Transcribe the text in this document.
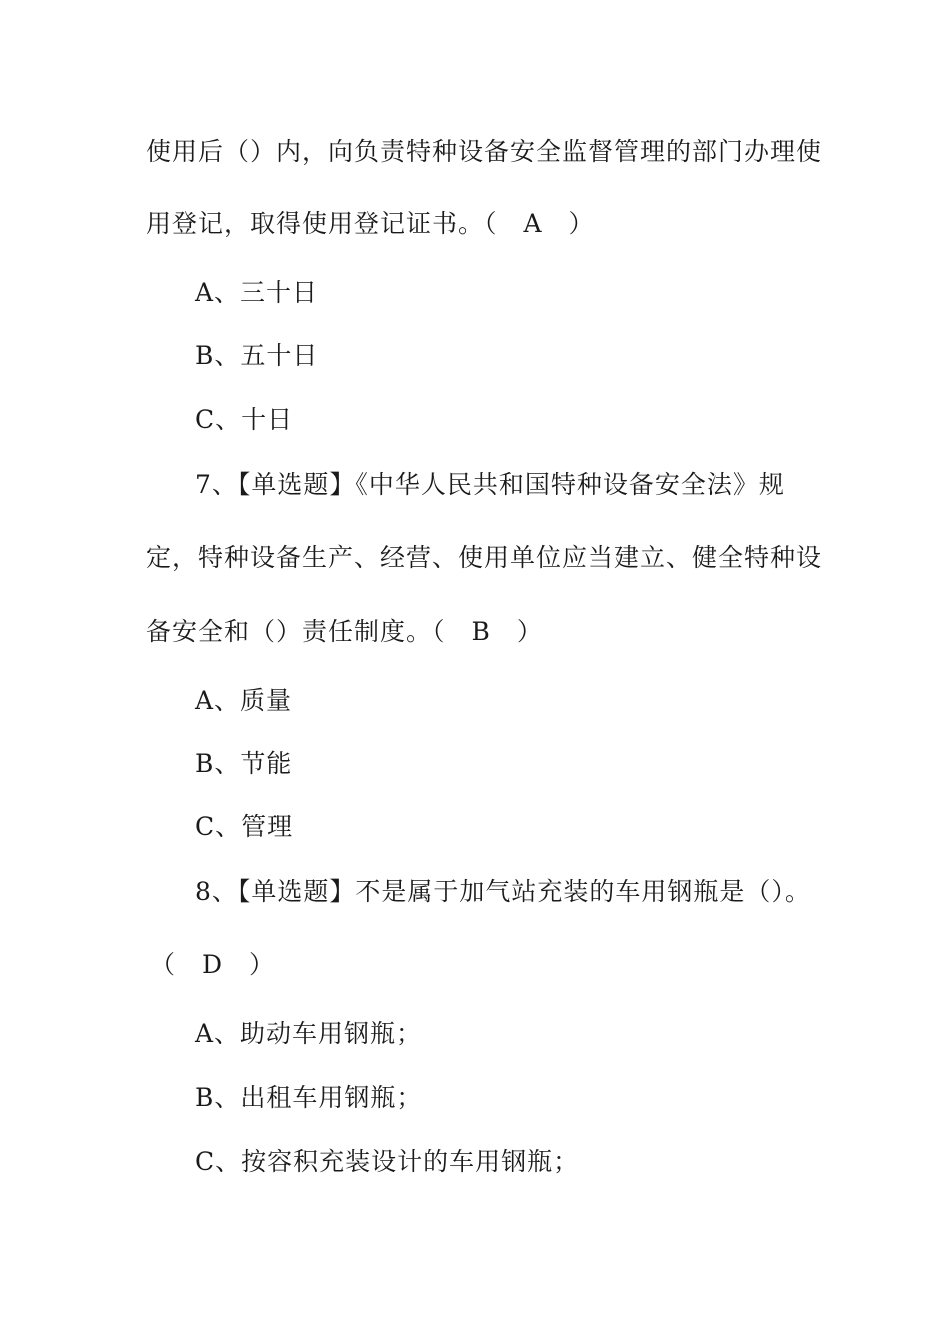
使用后（）内，向负责特种设备安全监督管理的部门办理使
用登记，取得使用登记证书。（　A　）
A、三十日
B、五十日
C、十日
7、【单选题】《中华人民共和国特种设备安全法》规
定，特种设备生产、经营、使用单位应当建立、健全特种设
备安全和（）责任制度。（　B　）
A、质量
B、节能
C、管理
8、【单选题】不是属于加气站充装的车用钢瓶是（）。
（　D　）
A、助动车用钢瓶；
B、出租车用钢瓶；
C、按容积充装设计的车用钢瓶；
